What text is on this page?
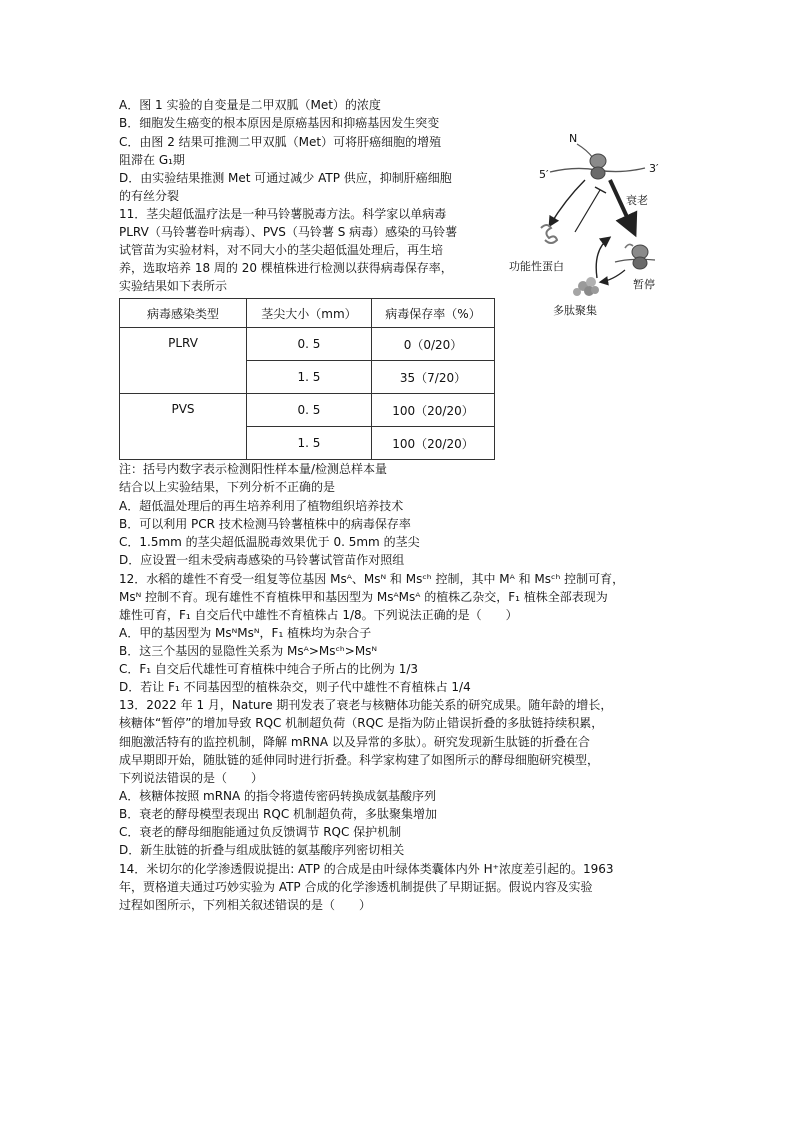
A．图 1 实验的自变量是二甲双胍（Met）的浓度
B．细胞发生癌变的根本原因是原癌基因和抑癌基因发生突变
C．由图 2 结果可推测二甲双胍（Met）可将肝癌细胞的增殖
阻滞在 G₁期
D．由实验结果推测 Met 可通过减少 ATP 供应，抑制肝癌细胞
的有丝分裂
11．茎尖超低温疗法是一种马铃薯脱毒方法。科学家以单病毒
PLRV（马铃薯卷叶病毒）、PVS（马铃薯 S 病毒）感染的马铃薯
试管苗为实验材料，对不同大小的茎尖超低温处理后，再生培
养，选取培养 18 周的 20 棵植株进行检测以获得病毒保存率，
实验结果如下表所示
病毒感染类型	茎尖大小（mm）	病毒保存率（%）
PLRV	0. 5	0（0/20）
	1. 5	35（7/20）
PVS	0. 5	100（20/20）
	1. 5	100（20/20）
注：括号内数字表示检测阳性样本量/检测总样本量
结合以上实验结果，下列分析不正确的是
A．超低温处理后的再生培养利用了植物组织培养技术
B．可以利用 PCR 技术检测马铃薯植株中的病毒保存率
C．1.5mm 的茎尖超低温脱毒效果优于 0. 5mm 的茎尖
D．应设置一组未受病毒感染的马铃薯试管苗作对照组
12．水稻的雄性不育受一组复等位基因 Msᴬ、Msᴺ 和 Msᶜʰ 控制，其中 Mᴬ 和 Msᶜʰ 控制可育，
Msᴺ 控制不育。现有雄性不育植株甲和基因型为 MsᴬMsᴬ 的植株乙杂交，F₁ 植株全部表现为
雄性可育，F₁ 自交后代中雄性不育植株占 1/8。下列说法正确的是（　　）
A．甲的基因型为 MsᴺMsᴺ，F₁ 植株均为杂合子
B．这三个基因的显隐性关系为 Msᴬ>Msᶜʰ>Msᴺ
C．F₁ 自交后代雄性可育植株中纯合子所占的比例为 1/3
D．若让 F₁ 不同基因型的植株杂交，则子代中雄性不育植株占 1/4
13．2022 年 1 月，Nature 期刊发表了衰老与核糖体功能关系的研究成果。随年龄的增长，
核糖体“暂停”的增加导致 RQC 机制超负荷（RQC 是指为防止错误折叠的多肽链持续积累，
细胞激活特有的监控机制，降解 mRNA 以及异常的多肽）。研究发现新生肽链的折叠在合
成早期即开始，随肽链的延伸同时进行折叠。科学家构建了如图所示的酵母细胞研究模型，
下列说法错误的是（　　）
A．核糖体按照 mRNA 的指令将遗传密码转换成氨基酸序列
B．衰老的酵母模型表现出 RQC 机制超负荷，多肽聚集增加
C．衰老的酵母细胞能通过负反馈调节 RQC 保护机制
D．新生肽链的折叠与组成肽链的氨基酸序列密切相关
14．米切尔的化学渗透假说提出: ATP 的合成是由叶绿体类囊体内外 H⁺浓度差引起的。1963
年，贾格道夫通过巧妙实验为 ATP 合成的化学渗透机制提供了早期证据。假说内容及实验
过程如图所示，下列相关叙述错误的是（　　）
N
5′	3′
衰老
功能性蛋白
暂停
多肽聚集
